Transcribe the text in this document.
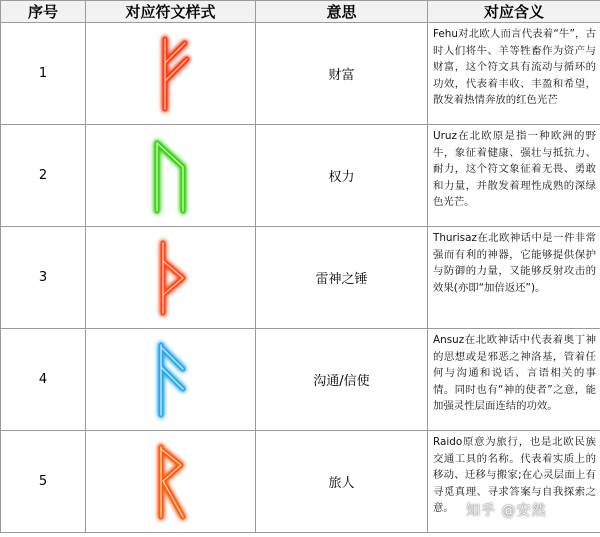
序号	对应符文样式	意思	对应含义
1		财富	Fehu对北欧人而言代表着“牛”，古时人们将牛、羊等牲畜作为资产与财富，这个符文具有流动与循环的功效，代表着丰收、丰盈和希望，散发着热情奔放的红色光芒
2		权力	Uruz在北欧原是指一种欧洲的野牛，象征着健康、强壮与抵抗力、耐力，这个符文象征着无畏、勇敢和力量，并散发着理性成熟的深绿色光芒。
3		雷神之锤	Thurisaz在北欧神话中是一件非常强而有利的神器，它能够提供保护与防御的力量，又能够反射攻击的效果(亦即“加倍返还”)。
4		沟通/信使	Ansuz在北欧神话中代表着奥丁神的思想或是邪恶之神洛基，管着任何与沟通和说话、言语相关的事情。同时也有“神的使者”之意，能加强灵性层面连结的功效。
5		旅人	Raido原意为旅行，也是北欧民族交通工具的名称。代表着实质上的移动、迁移与搬家;在心灵层面上有寻觅真理、寻求答案与自我探索之意。 知乎 @安然
